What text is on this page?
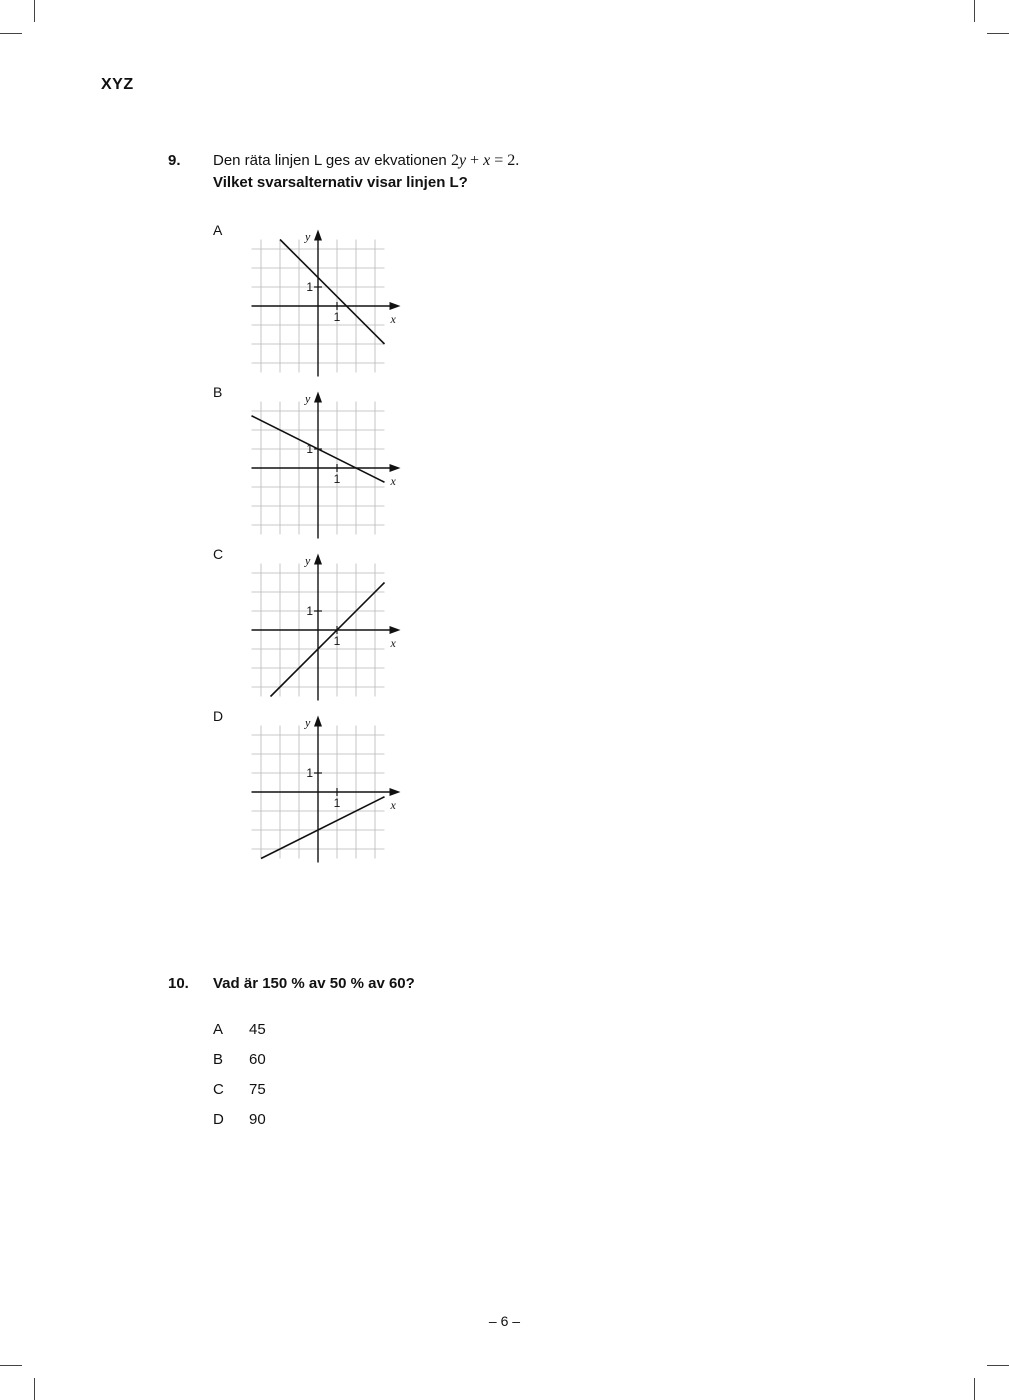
XYZ
9. Den räta linjen L ges av ekvationen 2y + x = 2.
Vilket svarsalternativ visar linjen L?
A
1
1
x
y
B
1
1
x
y
C
1
1
x
y
D
1
1
x
y
10. Vad är 150 % av 50 % av 60?
A 45
B 60
C 75
D 90
– 6 –
